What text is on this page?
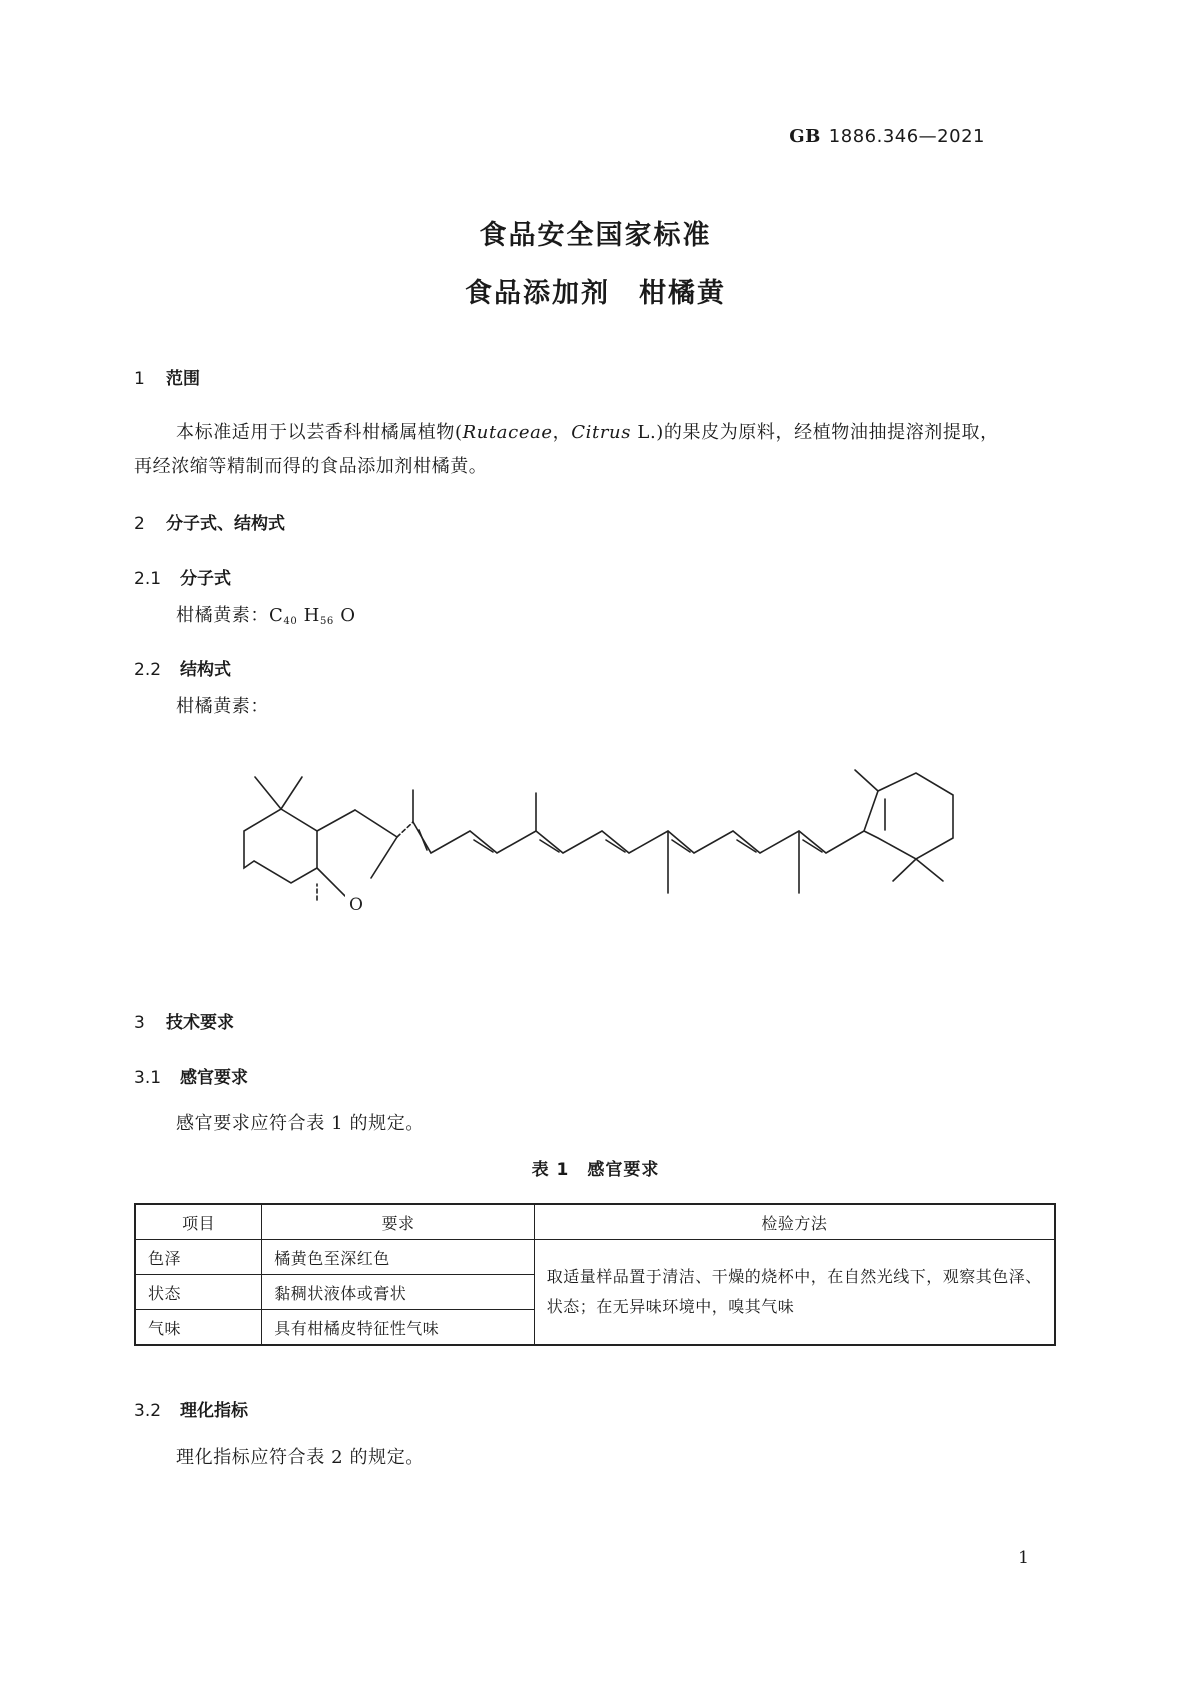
GB 1886.346—2021
食品安全国家标准
食品添加剂　柑橘黄
1 范围
本标准适用于以芸香科柑橘属植物(Rutaceae，Citrus L.)的果皮为原料，经植物油抽提溶剂提取，
再经浓缩等精制而得的食品添加剂柑橘黄。
2 分子式、结构式
2.1 分子式
柑橘黄素：$C_{40}$ $H_{56}$ O
2.2 结构式
柑橘黄素：
O
3 技术要求
3.1 感官要求
感官要求应符合表 1 的规定。
表 1　感官要求
项目	要求	检验方法
色泽	橘黄色至深红色	取适量样品置于清洁、干燥的烧杯中，在自然光线下，观察其色泽、状态；在无异味环境中，嗅其气味
状态	黏稠状液体或膏状	
气味	具有柑橘皮特征性气味	
3.2 理化指标
理化指标应符合表 2 的规定。
1
